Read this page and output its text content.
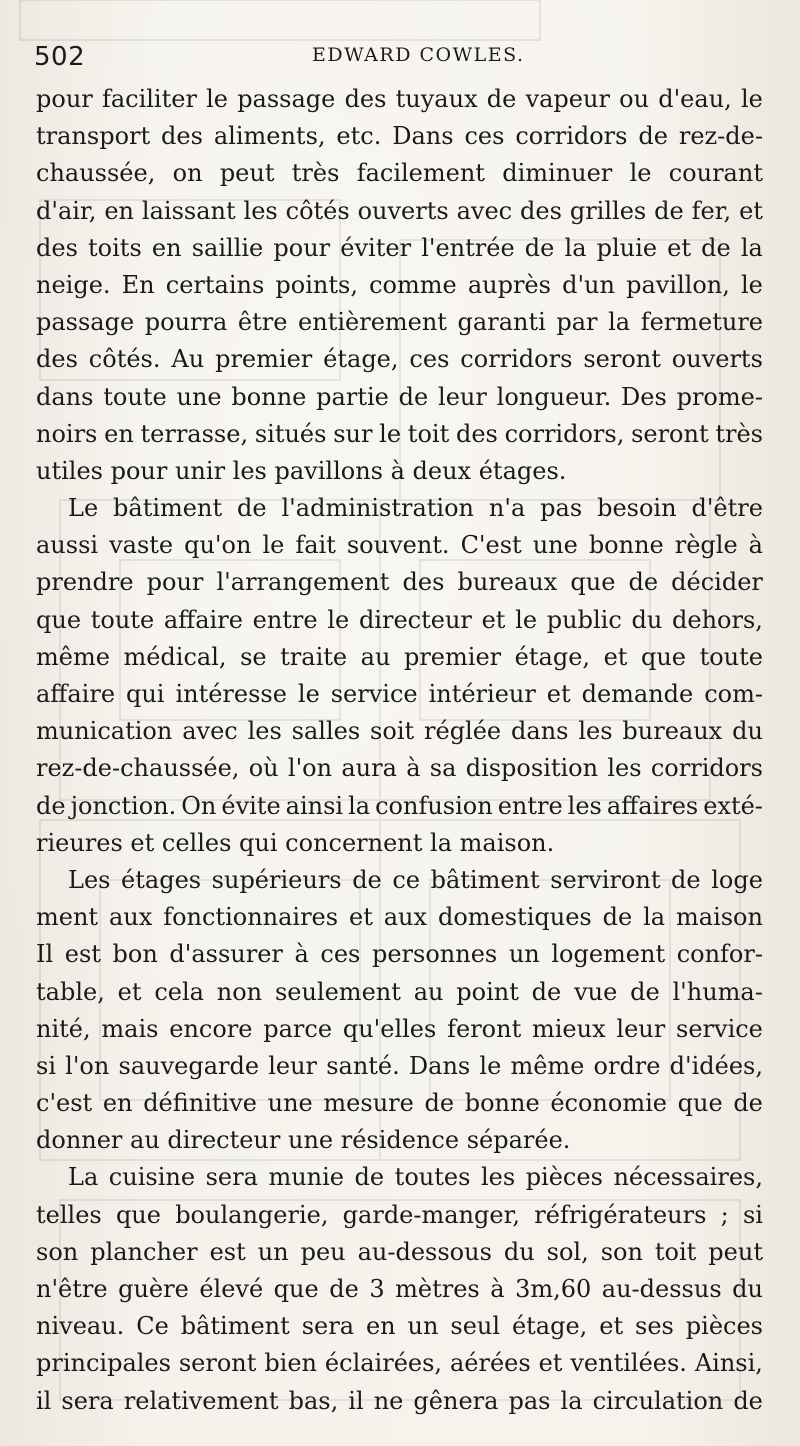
502	EDWARD COWLES.
pour faciliter le passage des tuyaux de vapeur ou d'eau, le
transport des aliments, etc. Dans ces corridors de rez-de-
chaussée, on peut très facilement diminuer le courant
d'air, en laissant les côtés ouverts avec des grilles de fer, et
des toits en saillie pour éviter l'entrée de la pluie et de la
neige. En certains points, comme auprès d'un pavillon, le
passage pourra être entièrement garanti par la fermeture
des côtés. Au premier étage, ces corridors seront ouverts
dans toute une bonne partie de leur longueur. Des prome-
noirs en terrasse, situés sur le toit des corridors, seront très
utiles pour unir les pavillons à deux étages.
Le bâtiment de l'administration n'a pas besoin d'être
aussi vaste qu'on le fait souvent. C'est une bonne règle à
prendre pour l'arrangement des bureaux que de décider
que toute affaire entre le directeur et le public du dehors,
même médical, se traite au premier étage, et que toute
affaire qui intéresse le service intérieur et demande com-
munication avec les salles soit réglée dans les bureaux du
rez-de-chaussée, où l'on aura à sa disposition les corridors
de jonction. On évite ainsi la confusion entre les affaires exté-
rieures et celles qui concernent la maison.
Les étages supérieurs de ce bâtiment serviront de loge
ment aux fonctionnaires et aux domestiques de la maison
Il est bon d'assurer à ces personnes un logement confor-
table, et cela non seulement au point de vue de l'huma-
nité, mais encore parce qu'elles feront mieux leur service
si l'on sauvegarde leur santé. Dans le même ordre d'idées,
c'est en définitive une mesure de bonne économie que de
donner au directeur une résidence séparée.
La cuisine sera munie de toutes les pièces nécessaires,
telles que boulangerie, garde-manger, réfrigérateurs ; si
son plancher est un peu au-dessous du sol, son toit peut
n'être guère élevé que de 3 mètres à 3m,60 au-dessus du
niveau. Ce bâtiment sera en un seul étage, et ses pièces
principales seront bien éclairées, aérées et ventilées. Ainsi,
il sera relativement bas, il ne gênera pas la circulation de
